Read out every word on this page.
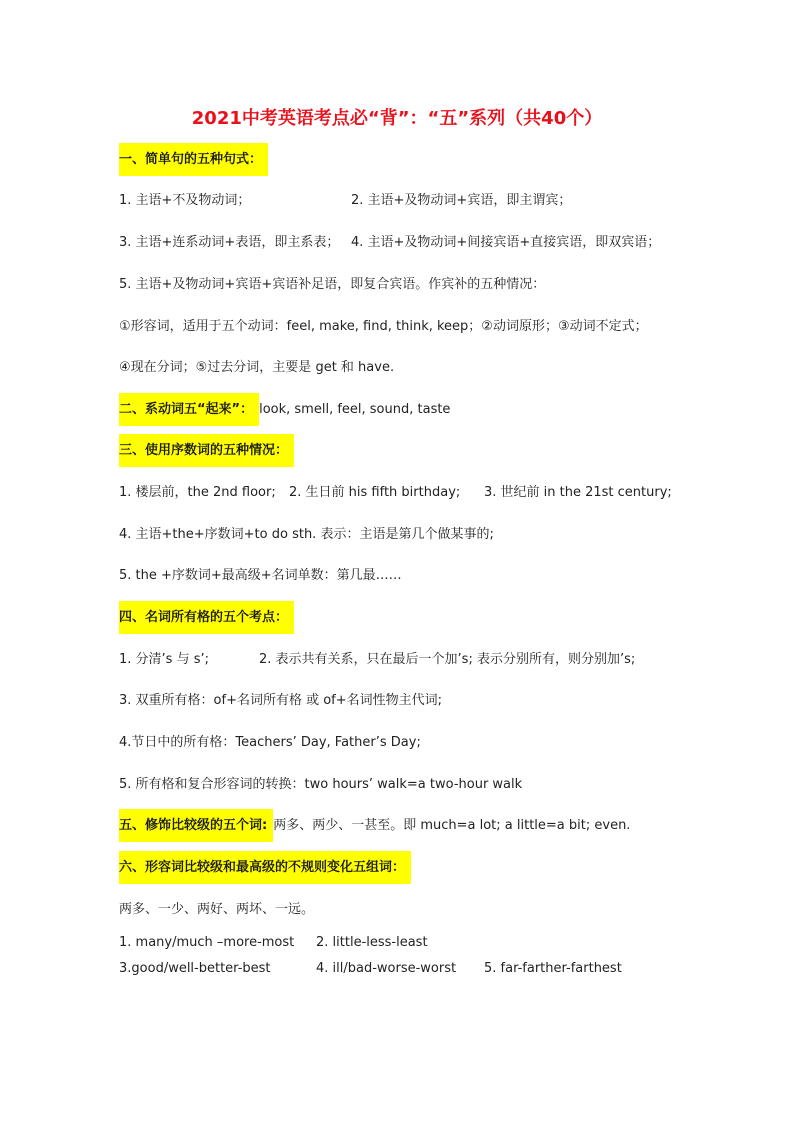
2021中考英语考点必“背”：“五”系列（共40个）
一、简单句的五种句式：
1. 主语+不及物动词；	2. 主语+及物动词+宾语，即主谓宾；
3. 主语+连系动词+表语，即主系表； 4. 主语+及物动词+间接宾语+直接宾语，即双宾语；
5. 主语+及物动词+宾语+宾语补足语，即复合宾语。作宾补的五种情况：
①形容词，适用于五个动词：feel, make, find, think, keep；②动词原形；③动词不定式；
④现在分词；⑤过去分词，主要是 get 和 have.
二、系动词五“起来”： look, smell, feel, sound, taste
三、使用序数词的五种情况：
1. 楼层前，the 2nd floor; 2. 生日前 his fifth birthday; 3. 世纪前 in the 21st century;
4. 主语+the+序数词+to do sth. 表示：主语是第几个做某事的;
5. the +序数词+最高级+名词单数：第几最……
四、名词所有格的五个考点：
1. 分清’s 与 s’;	2. 表示共有关系，只在最后一个加’s; 表示分别所有，则分别加’s;
3. 双重所有格：of+名词所有格 或 of+名词性物主代词;
4.节日中的所有格：Teachers’ Day, Father’s Day;
5. 所有格和复合形容词的转换：two hours’ walk=a two-hour walk
五、修饰比较级的五个词: 两多、两少、一甚至。即 much=a lot; a little=a bit; even.
六、形容词比较级和最高级的不规则变化五组词：
两多、一少、两好、两坏、一远。
1. many/much –more-most 2. little-less-least
3.good/well-better-best	4. ill/bad-worse-worst 5. far-farther-farthest
